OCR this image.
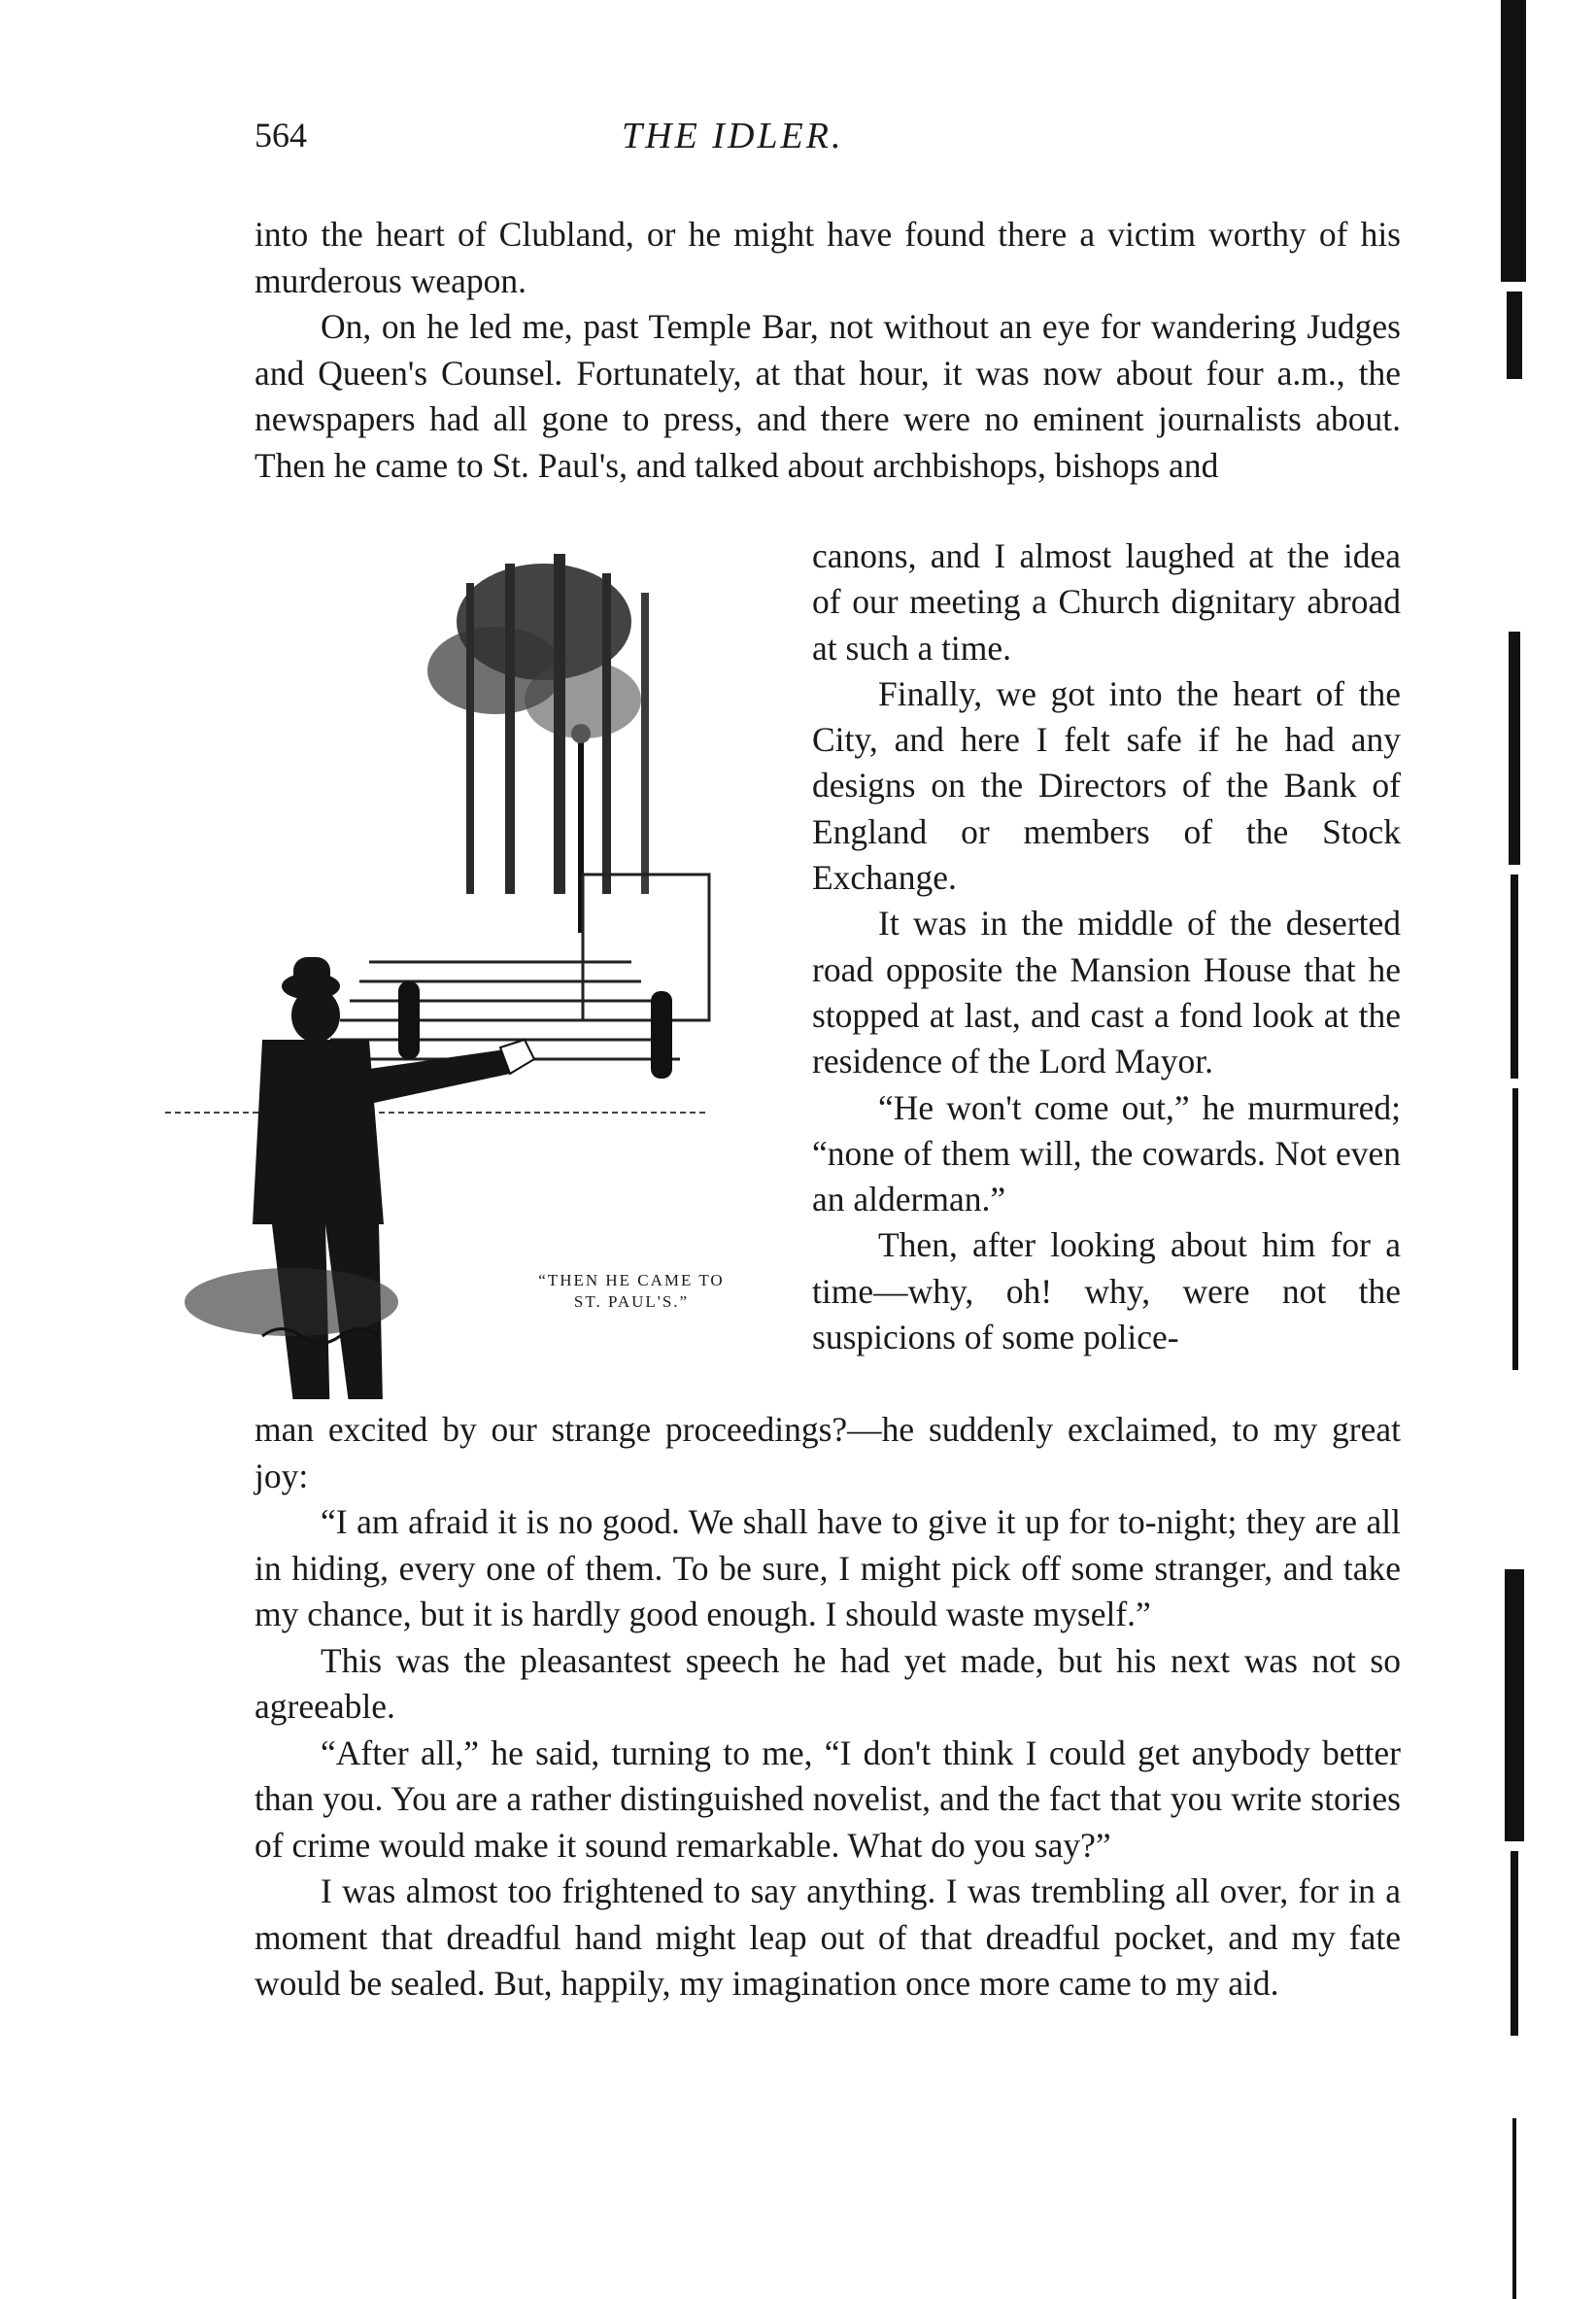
564	THE IDLER.

into the heart of Clubland, or he might have found there a victim worthy of his murderous weapon.

On, on he led me, past Temple Bar, not without an eye for wandering Judges and Queen's Counsel. Fortunately, at that hour, it was now about four a.m., the newspapers had all gone to press, and there were no eminent journalists about. Then he came to St. Paul's, and talked about archbishops, bishops and

“THEN HE CAME TO
ST. PAUL'S.”

canons, and I almost laughed at the idea of our meeting a Church dignitary abroad at such a time.

Finally, we got into the heart of the City, and here I felt safe if he had any designs on the Directors of the Bank of England or members of the Stock Exchange.

It was in the middle of the deserted road opposite the Mansion House that he stopped at last, and cast a fond look at the residence of the Lord Mayor.

“He won't come out,” he murmured; “none of them will, the cowards. Not even an alderman.”

Then, after looking about him for a time—why, oh! why, were not the suspicions of some police-

man excited by our strange proceedings?—he suddenly exclaimed, to my great joy:

“I am afraid it is no good. We shall have to give it up for to-night; they are all in hiding, every one of them. To be sure, I might pick off some stranger, and take my chance, but it is hardly good enough. I should waste myself.”

This was the pleasantest speech he had yet made, but his next was not so agreeable.

“After all,” he said, turning to me, “I don't think I could get anybody better than you. You are a rather distinguished novelist, and the fact that you write stories of crime would make it sound remarkable. What do you say?”

I was almost too frightened to say anything. I was trembling all over, for in a moment that dreadful hand might leap out of that dreadful pocket, and my fate would be sealed. But, happily, my imagination once more came to my aid.
